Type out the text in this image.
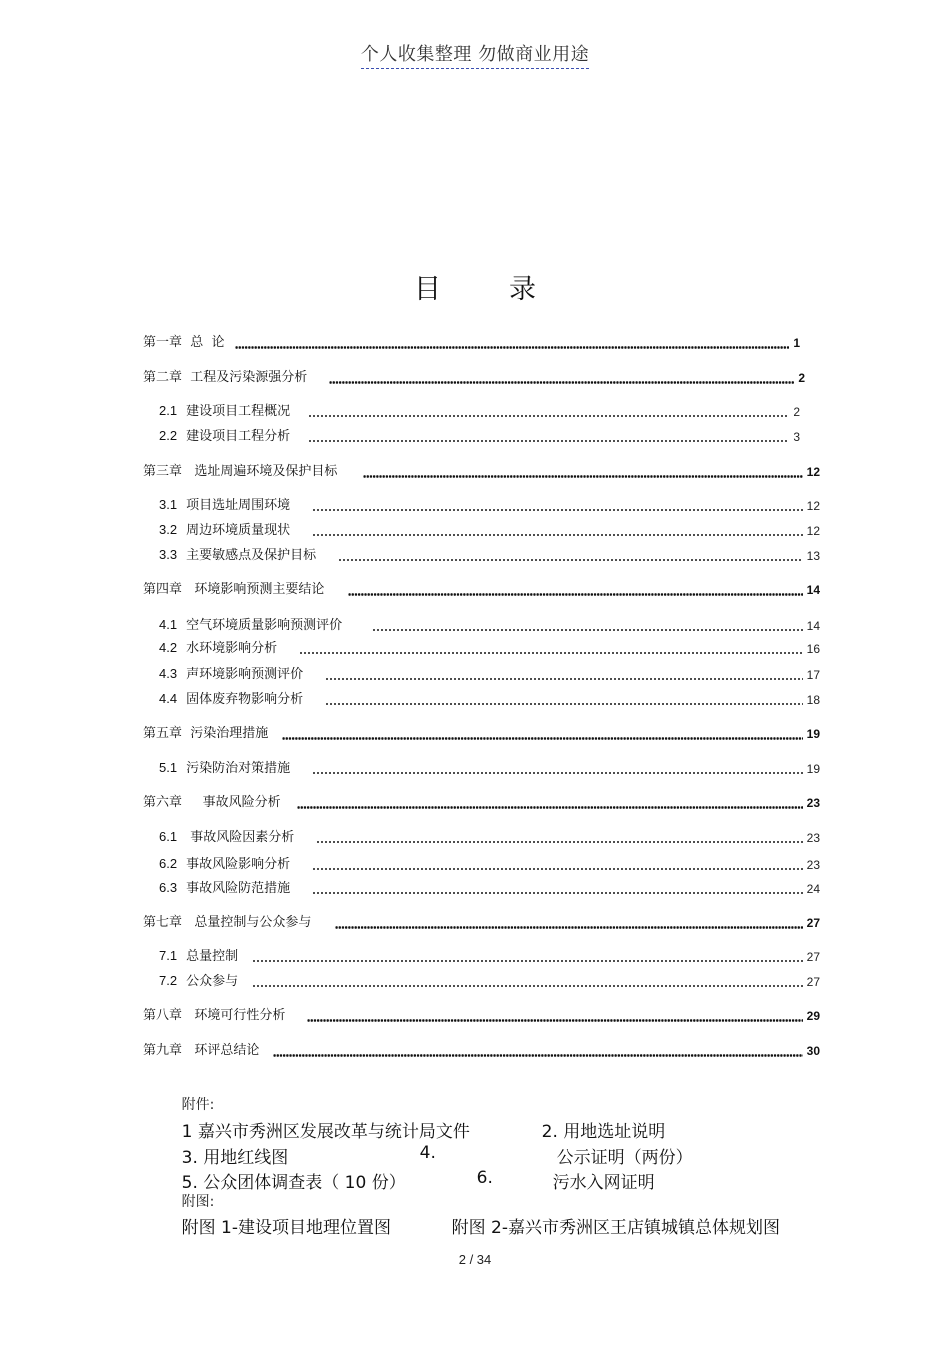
个人收集整理 勿做商业用途
目	录
第一章  总  论	1
第二章  工程及污染源强分析	2
2.1 建设项目工程概况	2
2.2 建设项目工程分析	3
第三章   选址周遍环境及保护目标	12
3.1 项目选址周围环境	12
3.2 周边环境质量现状	12
3.3 主要敏感点及保护目标	13
第四章   环境影响预测主要结论	14
4.1 空气环境质量影响预测评价	14
4.2 水环境影响分析	16
4.3 声环境影响预测评价	17
4.4 固体废弃物影响分析	18
第五章  污染治理措施	19
5.1 污染防治对策措施	19
第六章     事故风险分析	23
6.1 事故风险因素分析	23
6.2 事故风险影响分析	23
6.3 事故风险防范措施	24
第七章   总量控制与公众参与	27
7.1 总量控制	27
7.2 公众参与	27
第八章   环境可行性分析	29
第九章   环评总结论	30

附件:

1 嘉兴市秀洲区发展改革与统计局文件
	2. 用地选址说明

3. 用地红线图
	4.
	公示证明（两份）

5. 公众团体调查表（ 10 份）
	6.
	污水入网证明

附图:

附图 1-建设项目地理位置图
	附图 2-嘉兴市秀洲区王店镇城镇总体规划图

2 / 34
